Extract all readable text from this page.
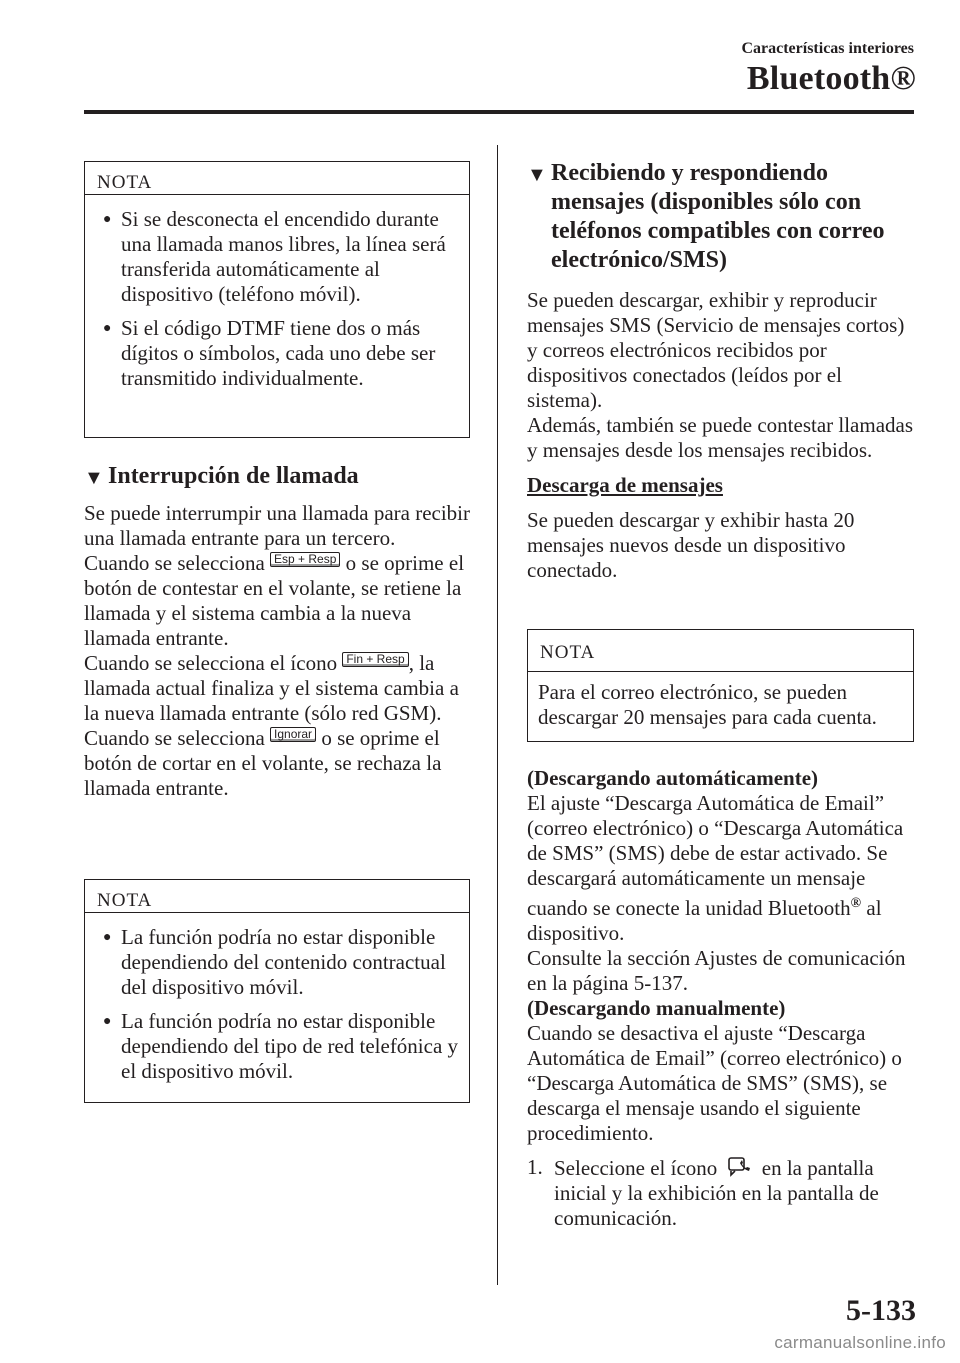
Características interiores
Bluetooth®
NOTA
● Si se desconecta el encendido durante una llamada manos libres, la línea será transferida automáticamente al dispositivo (teléfono móvil).
● Si el código DTMF tiene dos o más dígitos o símbolos, cada uno debe ser transmitido individualmente.
▼ Interrupción de llamada

Se puede interrumpir una llamada para recibir una llamada entrante para un tercero.

Cuando se selecciona Esp + Resp o se oprime el botón de contestar en el volante, se retiene la llamada y el sistema cambia a la nueva llamada entrante.

Cuando se selecciona el ícono Fin + Resp , la llamada actual finaliza y el sistema cambia a la nueva llamada entrante (sólo red GSM).

Cuando se selecciona Ignorar o se oprime el botón de cortar en el volante, se rechaza la llamada entrante.

NOTA
● La función podría no estar disponible dependiendo del contenido contractual del dispositivo móvil.
● La función podría no estar disponible dependiendo del tipo de red telefónica y el dispositivo móvil.
▼ Recibiendo y respondiendo mensajes (disponibles sólo con teléfonos compatibles con correo electrónico/SMS)

Se pueden descargar, exhibir y reproducir mensajes SMS (Servicio de mensajes cortos) y correos electrónicos recibidos por dispositivos conectados (leídos por el sistema).

Además, también se puede contestar llamadas y mensajes desde los mensajes recibidos.

Descarga de mensajes

Se pueden descargar y exhibir hasta 20 mensajes nuevos desde un dispositivo conectado.

NOTA

Para el correo electrónico, se pueden descargar 20 mensajes para cada cuenta.

(Descargando automáticamente)

El ajuste “Descarga Automática de Email” (correo electrónico) o “Descarga Automática de SMS” (SMS) debe de estar activado. Se descargará automáticamente un mensaje cuando se conecte la unidad Bluetooth® al dispositivo.

Consulte la sección Ajustes de comunicación en la página 5-137.

(Descargando manualmente)

Cuando se desactiva el ajuste “Descarga Automática de Email” (correo electrónico) o “Descarga Automática de SMS” (SMS), se descarga el mensaje usando el siguiente procedimiento.

1. Seleccione el ícono en la pantalla inicial y la exhibición en la pantalla de comunicación.
5-133
carmanualsonline.info
